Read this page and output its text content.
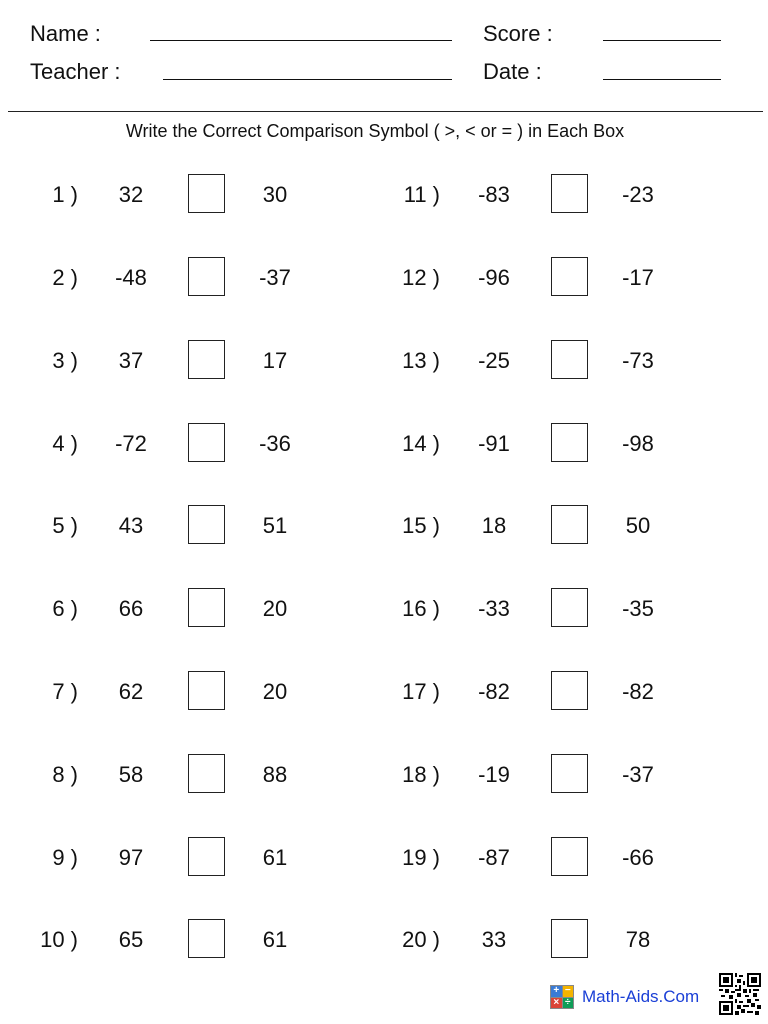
Name :
Teacher :
Score :
Date :
Write the Correct Comparison Symbol ( >, < or = ) in Each Box
1 )	32	30
2 )	-48	-37
3 )	37	17
4 )	-72	-36
5 )	43	51
6 )	66	20
7 )	62	20
8 )	58	88
9 )	97	61
10 )	65	61
11 )	-83	-23
12 )	-96	-17
13 )	-25	-73
14 )	-91	-98
15 )	18	50
16 )	-33	-35
17 )	-82	-82
18 )	-19	-37
19 )	-87	-66
20 )	33	78
+ −
× ÷ Math-Aids.Com
